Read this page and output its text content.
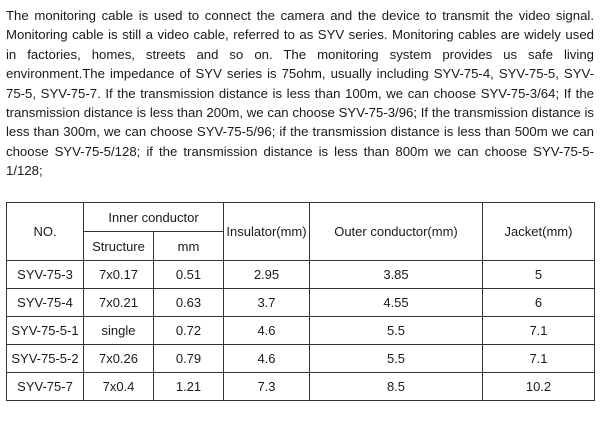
The monitoring cable is used to connect the camera and the device to transmit the video signal. Monitoring cable is still a video cable, referred to as SYV series. Monitoring cables are widely used in factories, homes, streets and so on. The monitoring system provides us safe living environment.The impedance of SYV series is 75ohm, usually including SYV-75-4, SYV-75-5, SYV-75-5, SYV-75-7. If the transmission distance is less than 100m, we can choose SYV-75-3/64; If the transmission distance is less than 200m, we can choose SYV-75-3/96; If the transmission distance is less than 300m, we can choose SYV-75-5/96; if the transmission distance is less than 500m we can choose SYV-75-5/128; if the transmission distance is less than 800m we can choose SYV-75-5-1/128;

NO.	Inner conductor		Insulator(mm)	Outer conductor(mm)	Jacket(mm)
	Structure	mm			
SYV-75-3	7x0.17	0.51	2.95	3.85	5
SYV-75-4	7x0.21	0.63	3.7	4.55	6
SYV-75-5-1	single	0.72	4.6	5.5	7.1
SYV-75-5-2	7x0.26	0.79	4.6	5.5	7.1
SYV-75-7	7x0.4	1.21	7.3	8.5	10.2
